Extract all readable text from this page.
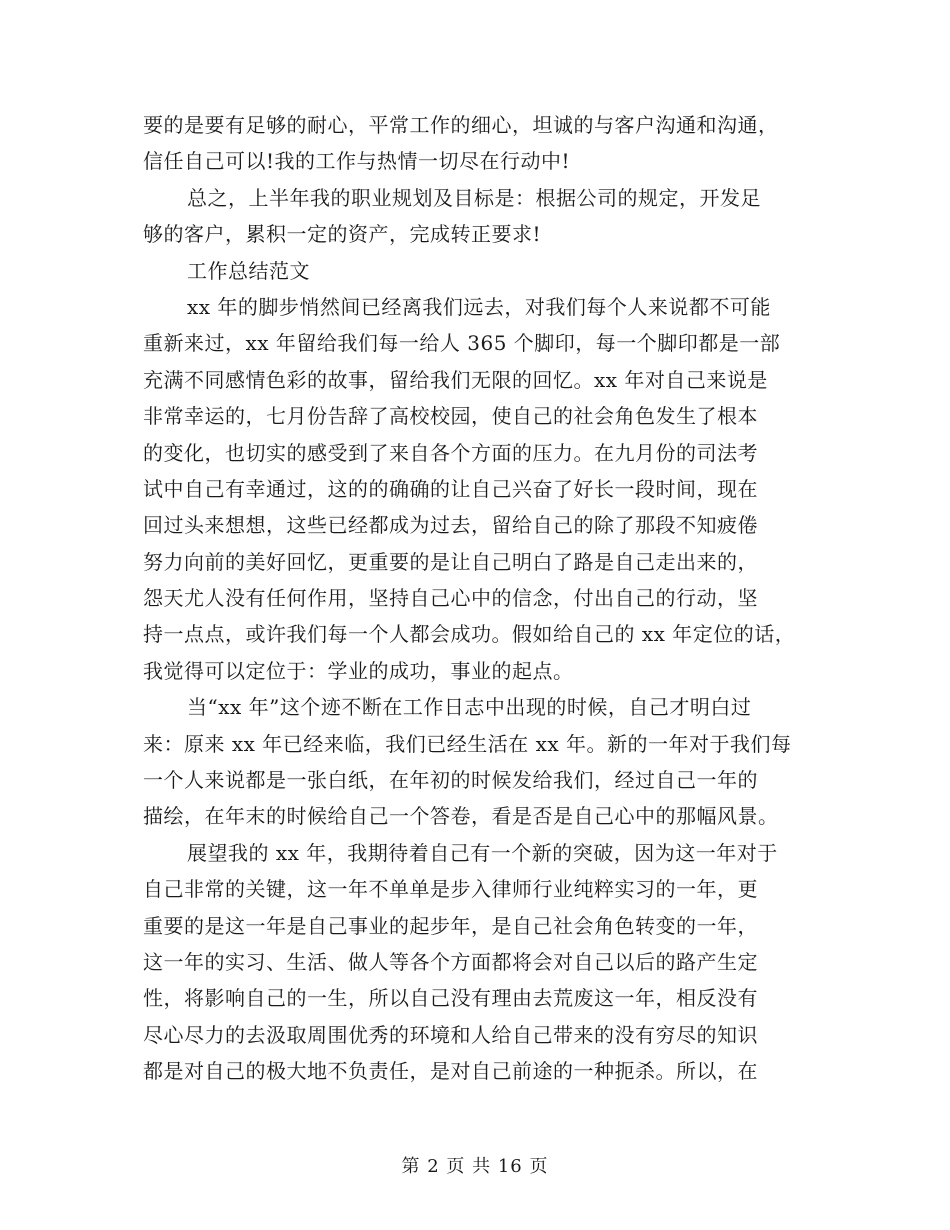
要的是要有足够的耐心，平常工作的细心，坦诚的与客户沟通和沟通，
信任自己可以!我的工作与热情一切尽在行动中!
总之，上半年我的职业规划及目标是：根据公司的规定，开发足
够的客户，累积一定的资产，完成转正要求!
工作总结范文
xx 年的脚步悄然间已经离我们远去，对我们每个人来说都不可能
重新来过，xx 年留给我们每一给人 365 个脚印，每一个脚印都是一部
充满不同感情色彩的故事，留给我们无限的回忆。xx 年对自己来说是
非常幸运的，七月份告辞了高校校园，使自己的社会角色发生了根本
的变化，也切实的感受到了来自各个方面的压力。在九月份的司法考
试中自己有幸通过，这的的确确的让自己兴奋了好长一段时间，现在
回过头来想想，这些已经都成为过去，留给自己的除了那段不知疲倦
努力向前的美好回忆，更重要的是让自己明白了路是自己走出来的，
怨天尤人没有任何作用，坚持自己心中的信念，付出自己的行动，坚
持一点点，或许我们每一个人都会成功。假如给自己的 xx 年定位的话，
我觉得可以定位于：学业的成功，事业的起点。
当“xx 年”这个迹不断在工作日志中出现的时候，自己才明白过
来：原来 xx 年已经来临，我们已经生活在 xx 年。新的一年对于我们每
一个人来说都是一张白纸，在年初的时候发给我们，经过自己一年的
描绘，在年末的时候给自己一个答卷，看是否是自己心中的那幅风景。
展望我的 xx 年，我期待着自己有一个新的突破，因为这一年对于
自己非常的关键，这一年不单单是步入律师行业纯粹实习的一年，更
重要的是这一年是自己事业的起步年，是自己社会角色转变的一年，
这一年的实习、生活、做人等各个方面都将会对自己以后的路产生定
性，将影响自己的一生，所以自己没有理由去荒废这一年，相反没有
尽心尽力的去汲取周围优秀的环境和人给自己带来的没有穷尽的知识
都是对自己的极大地不负责任，是对自己前途的一种扼杀。所以，在
第 2 页 共 16 页
